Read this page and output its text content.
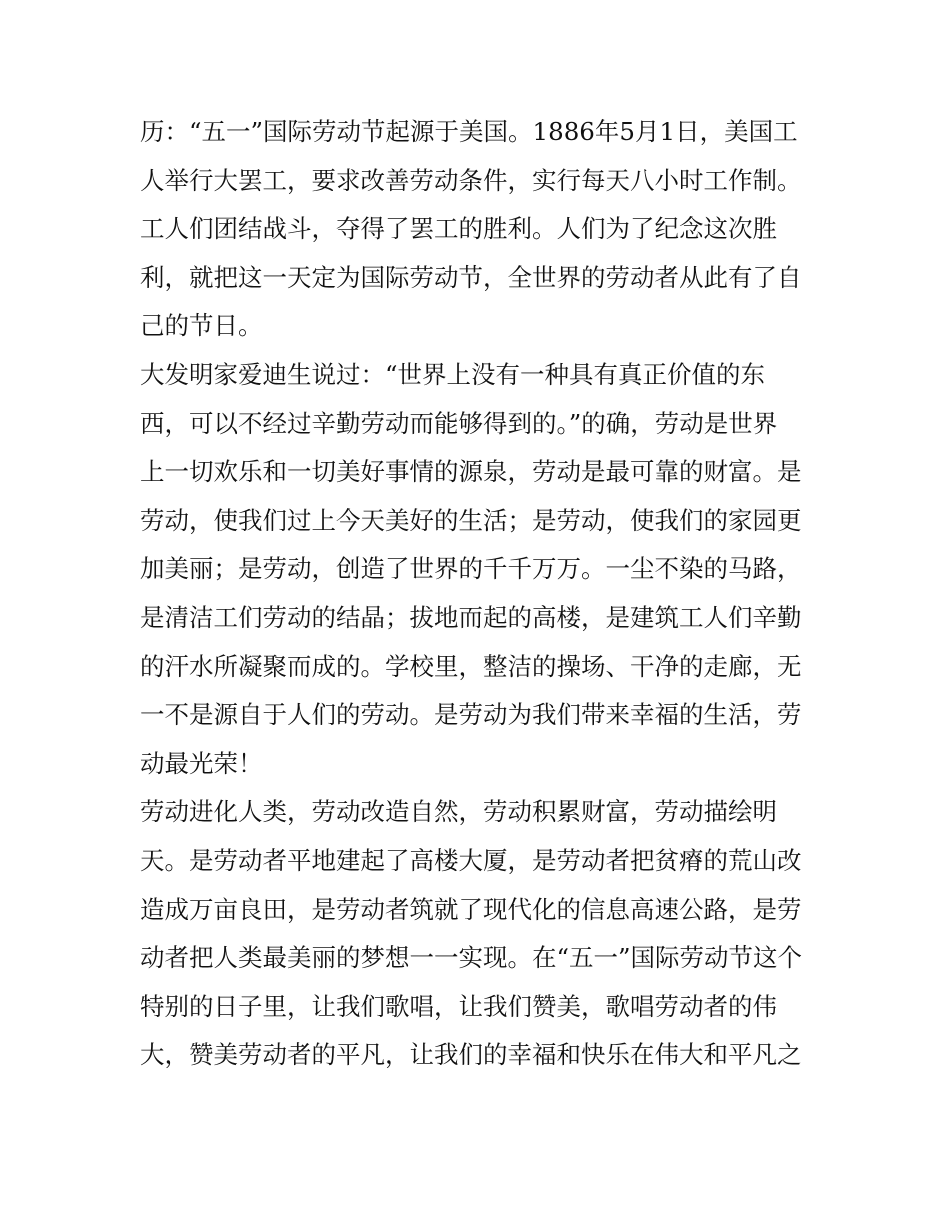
历：“五一”国际劳动节起源于美国。1886年5月1日，美国工
人举行大罢工，要求改善劳动条件，实行每天八小时工作制。
工人们团结战斗，夺得了罢工的胜利。人们为了纪念这次胜
利，就把这一天定为国际劳动节，全世界的劳动者从此有了自
己的节日。
大发明家爱迪生说过：“世界上没有一种具有真正价值的东
西，可以不经过辛勤劳动而能够得到的。”的确，劳动是世界
上一切欢乐和一切美好事情的源泉，劳动是最可靠的财富。是
劳动，使我们过上今天美好的生活；是劳动，使我们的家园更
加美丽；是劳动，创造了世界的千千万万。一尘不染的马路，
是清洁工们劳动的结晶；拔地而起的高楼，是建筑工人们辛勤
的汗水所凝聚而成的。学校里，整洁的操场、干净的走廊，无
一不是源自于人们的劳动。是劳动为我们带来幸福的生活，劳
动最光荣！
劳动进化人类，劳动改造自然，劳动积累财富，劳动描绘明
天。是劳动者平地建起了高楼大厦，是劳动者把贫瘠的荒山改
造成万亩良田，是劳动者筑就了现代化的信息高速公路，是劳
动者把人类最美丽的梦想一一实现。在“五一”国际劳动节这个
特别的日子里，让我们歌唱，让我们赞美，歌唱劳动者的伟
大，赞美劳动者的平凡，让我们的幸福和快乐在伟大和平凡之
